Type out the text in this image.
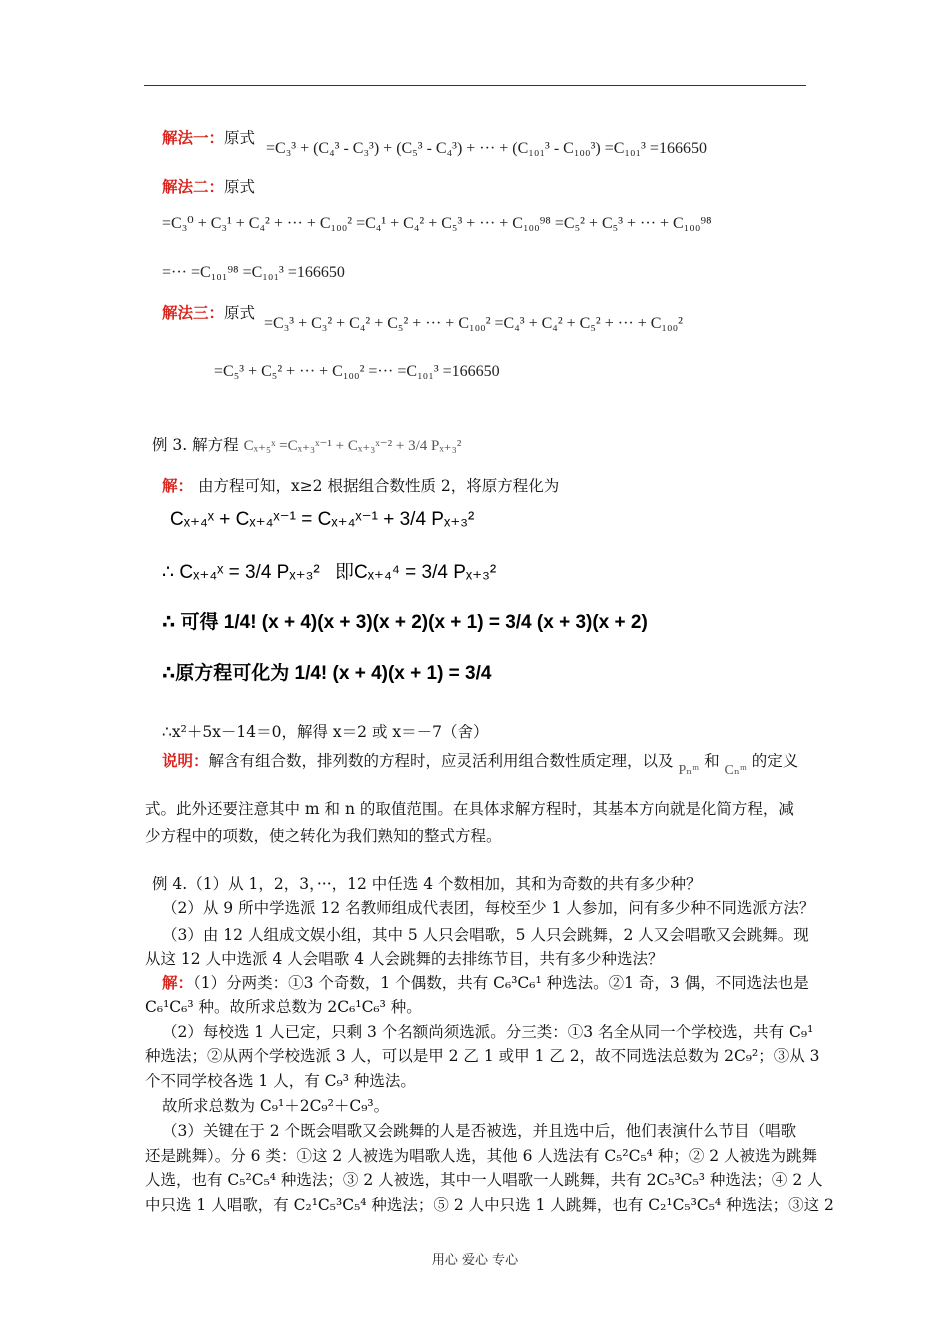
解法一：原式
=C₃³ + (C₄³ - C₃³) + (C₅³ - C₄³) + ··· + (C₁₀₁³ - C₁₀₀³) =C₁₀₁³ =166650
解法二：原式
=C₃⁰ + C₃¹ + C₄² + ··· + C₁₀₀² =C₄¹ + C₄² + C₅³ + ··· + C₁₀₀⁹⁸ =C₅² + C₅³ + ··· + C₁₀₀⁹⁸
=··· =C₁₀₁⁹⁸ =C₁₀₁³ =166650
解法三：原式
=C₃³ + C₃² + C₄² + C₅² + ··· + C₁₀₀² =C₄³ + C₄² + C₅² + ··· + C₁₀₀²
=C₅³ + C₅² + ··· + C₁₀₀² =··· =C₁₀₁³ =166650
例 3. 解方程 Cₓ₊₅ˣ =Cₓ₊₃ˣ⁻¹ + Cₓ₊₃ˣ⁻² + 3/4 Pₓ₊₃²
解： 由方程可知，x≥2 根据组合数性质 2，将原方程化为
Cₓ₊₄ˣ + Cₓ₊₄ˣ⁻¹ = Cₓ₊₄ˣ⁻¹ + 3/4 Pₓ₊₃²
∴ Cₓ₊₄ˣ = 3/4 Pₓ₊₃² 即Cₓ₊₄⁴ = 3/4 Pₓ₊₃²
∴ 可得 1/4! (x + 4)(x + 3)(x + 2)(x + 1) = 3/4 (x + 3)(x + 2)
∴原方程可化为 1/4! (x + 4)(x + 1) = 3/4
∴x²＋5x－14＝0，解得 x＝2 或 x＝－7（舍）
说明：解含有组合数，排列数的方程时，应灵活利用组合数性质定理，以及 Pₙᵐ 和 Cₙᵐ 的定义
式。此外还要注意其中 m 和 n 的取值范围。在具体求解方程时，其基本方向就是化简方程，减
少方程中的项数，使之转化为我们熟知的整式方程。
例 4.（1）从 1，2，3，···，12 中任选 4 个数相加，其和为奇数的共有多少种？
（2）从 9 所中学选派 12 名教师组成代表团，每校至少 1 人参加，问有多少种不同选派方法？
（3）由 12 人组成文娱小组，其中 5 人只会唱歌，5 人只会跳舞，2 人又会唱歌又会跳舞。现
从这 12 人中选派 4 人会唱歌 4 人会跳舞的去排练节目，共有多少种选法？
解：（1）分两类：①3 个奇数，1 个偶数，共有 C₆³C₆¹ 种选法。②1 奇，3 偶，不同选法也是
C₆¹C₆³ 种。故所求总数为 2C₆¹C₆³ 种。
（2）每校选 1 人已定，只剩 3 个名额尚须选派。分三类：①3 名全从同一个学校选，共有 C₉¹
种选法；②从两个学校选派 3 人，可以是甲 2 乙 1 或甲 1 乙 2，故不同选法总数为 2C₉²；③从 3
个不同学校各选 1 人，有 C₉³ 种选法。
故所求总数为 C₉¹＋2C₉²＋C₉³。
（3）关键在于 2 个既会唱歌又会跳舞的人是否被选，并且选中后，他们表演什么节目（唱歌
还是跳舞）。分 6 类：①这 2 人被选为唱歌人选，其他 6 人选法有 C₅²C₅⁴ 种；② 2 人被选为跳舞
人选，也有 C₅²C₅⁴ 种选法；③ 2 人被选，其中一人唱歌一人跳舞，共有 2C₅³C₅³ 种选法；④ 2 人
中只选 1 人唱歌，有 C₂¹C₅³C₅⁴ 种选法；⑤ 2 人中只选 1 人跳舞，也有 C₂¹C₅³C₅⁴ 种选法；③这 2
用心 爱心 专心
